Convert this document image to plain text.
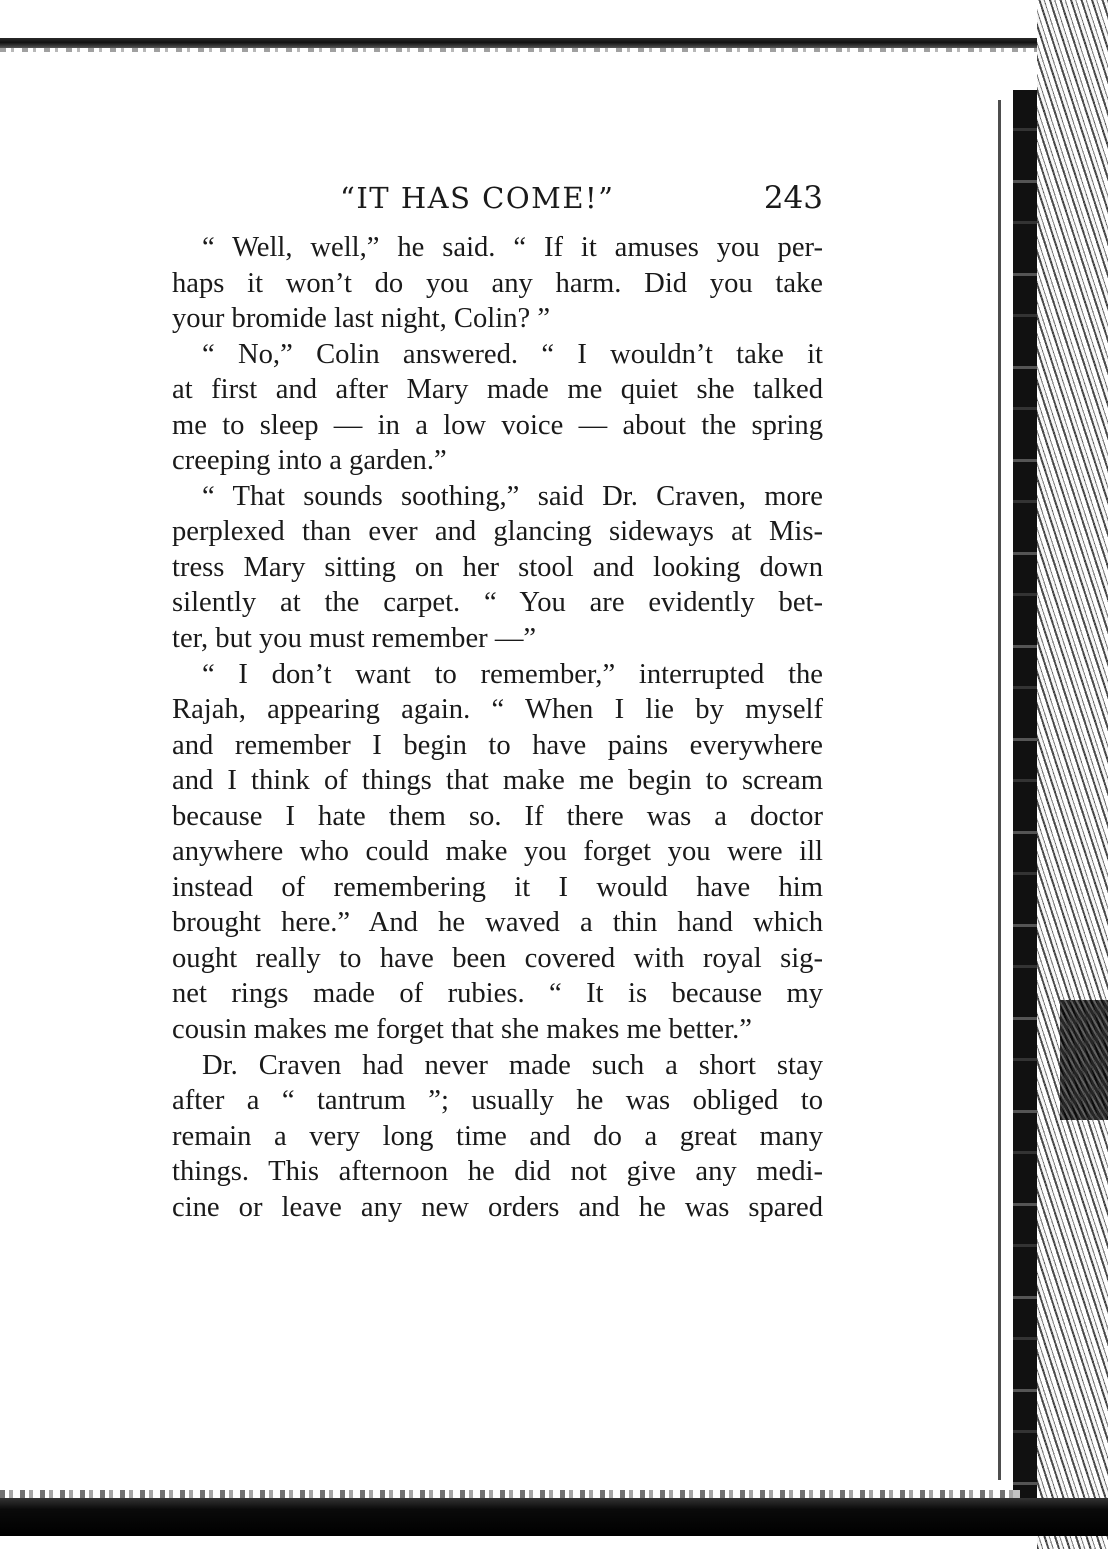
“IT HAS COME!”	243
“ Well, well,” he said. “ If it amuses you per-
haps it won’t do you any harm. Did you take
your bromide last night, Colin? ”
“ No,” Colin answered. “ I wouldn’t take it
at first and after Mary made me quiet she talked
me to sleep — in a low voice — about the spring
creeping into a garden.”
“ That sounds soothing,” said Dr. Craven, more
perplexed than ever and glancing sideways at Mis-
tress Mary sitting on her stool and looking down
silently at the carpet. “ You are evidently bet-
ter, but you must remember —”
“ I don’t want to remember,” interrupted the
Rajah, appearing again. “ When I lie by myself
and remember I begin to have pains everywhere
and I think of things that make me begin to scream
because I hate them so. If there was a doctor
anywhere who could make you forget you were ill
instead of remembering it I would have him
brought here.” And he waved a thin hand which
ought really to have been covered with royal sig-
net rings made of rubies. “ It is because my
cousin makes me forget that she makes me better.”
Dr. Craven had never made such a short stay
after a “ tantrum ”; usually he was obliged to
remain a very long time and do a great many
things. This afternoon he did not give any medi-
cine or leave any new orders and he was spared
